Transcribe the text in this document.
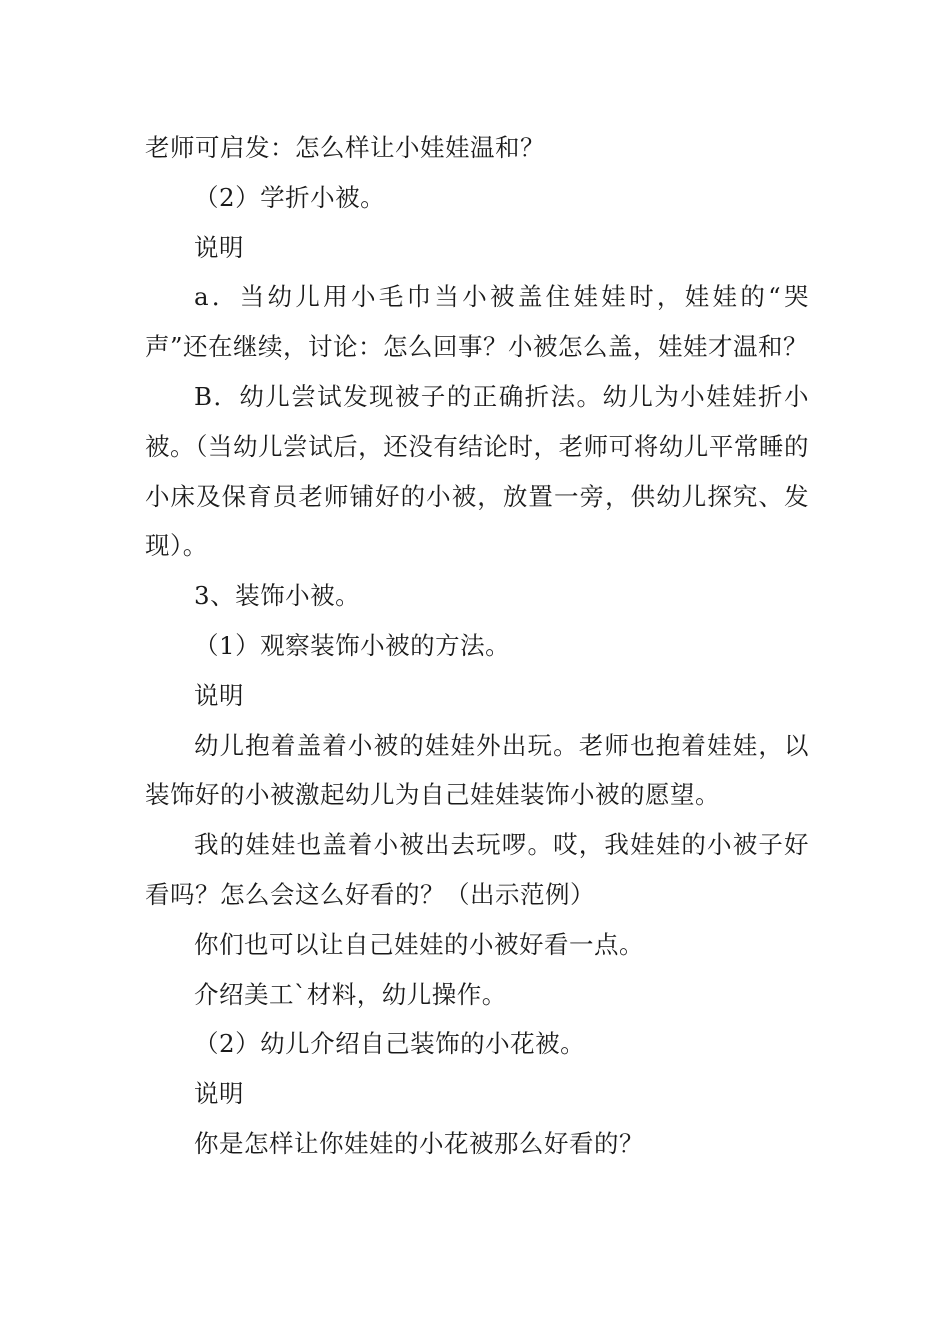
老师可启发：怎么样让小娃娃温和？

（2）学折小被。

说明

a．当幼儿用小毛巾当小被盖住娃娃时，娃娃的“哭声”还在继续，讨论：怎么回事？小被怎么盖，娃娃才温和？

B．幼儿尝试发现被子的正确折法。幼儿为小娃娃折小被。（当幼儿尝试后，还没有结论时，老师可将幼儿平常睡的小床及保育员老师铺好的小被，放置一旁，供幼儿探究、发现）。

3、装饰小被。

（1）观察装饰小被的方法。

说明

幼儿抱着盖着小被的娃娃外出玩。老师也抱着娃娃，以装饰好的小被激起幼儿为自己娃娃装饰小被的愿望。

我的娃娃也盖着小被出去玩啰。哎，我娃娃的小被子好看吗？怎么会这么好看的？（出示范例）

你们也可以让自己娃娃的小被好看一点。

介绍美工`材料，幼儿操作。

（2）幼儿介绍自己装饰的小花被。

说明

你是怎样让你娃娃的小花被那么好看的？
